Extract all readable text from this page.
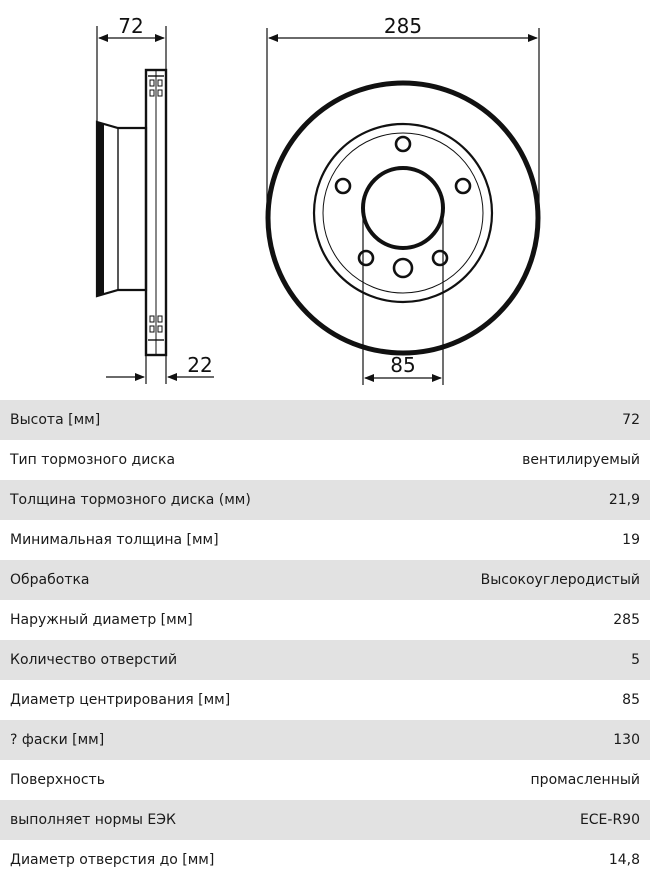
72
22
285
85
Высота [мм]	72
Тип тормозного диска	вентилируемый
Толщина тормозного диска (мм)	21,9
Минимальная толщина [мм]	19
Обработка	Высокоуглеродистый
Наружный диаметр [мм]	285
Количество отверстий	5
Диаметр центрирования [мм]	85
? фаски [мм]	130
Поверхность	промасленный
выполняет нормы ЕЭК	ECE-R90
Диаметр отверстия до [мм]	14,8
